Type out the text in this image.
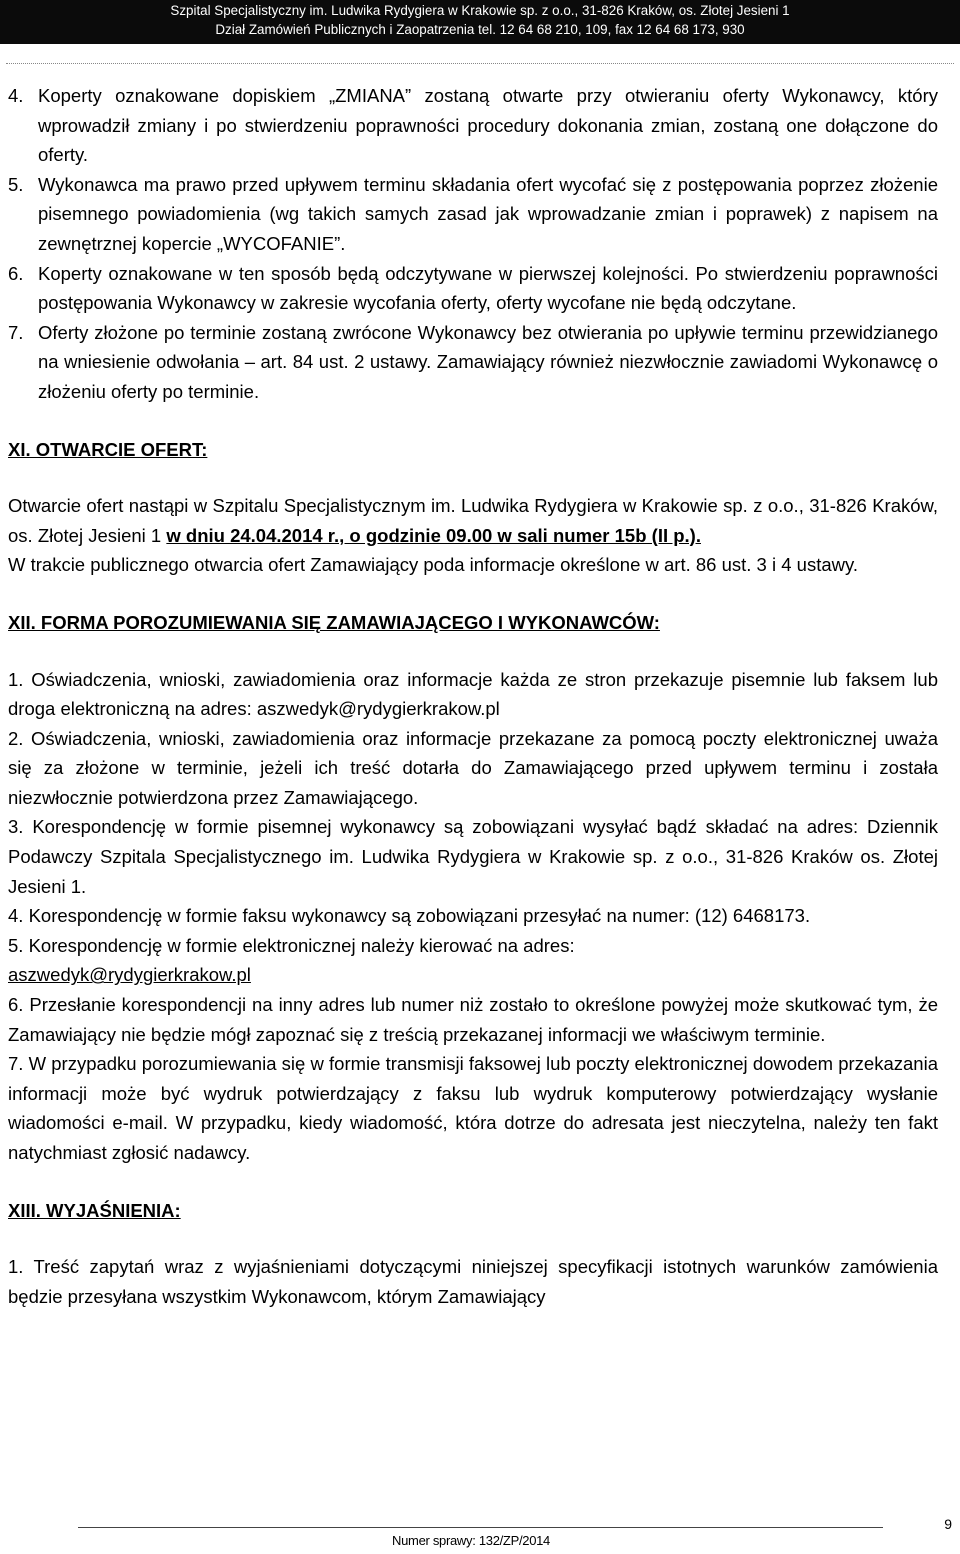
Szpital Specjalistyczny im. Ludwika Rydygiera w Krakowie sp. z o.o., 31-826 Kraków, os. Złotej Jesieni 1
Dział Zamówień Publicznych i Zaopatrzenia tel. 12 64 68 210, 109, fax 12 64 68 173, 930
4. Koperty oznakowane dopiskiem „ZMIANA” zostaną otwarte przy otwieraniu oferty Wykonawcy, który wprowadził zmiany i po stwierdzeniu poprawności procedury dokonania zmian, zostaną one dołączone do oferty.
5. Wykonawca ma prawo przed upływem terminu składania ofert wycofać się z postępowania poprzez złożenie pisemnego powiadomienia (wg takich samych zasad jak wprowadzanie zmian i poprawek) z napisem na zewnętrznej kopercie „WYCOFANIE”.
6. Koperty oznakowane w ten sposób będą odczytywane w pierwszej kolejności. Po stwierdzeniu poprawności postępowania Wykonawcy w zakresie wycofania oferty, oferty wycofane nie będą odczytane.
7. Oferty złożone po terminie zostaną zwrócone Wykonawcy bez otwierania po upływie terminu przewidzianego na wniesienie odwołania – art. 84 ust. 2 ustawy. Zamawiający również niezwłocznie zawiadomi Wykonawcę o złożeniu oferty po terminie.

XI. OTWARCIE OFERT:

Otwarcie ofert nastąpi w Szpitalu Specjalistycznym im. Ludwika Rydygiera w Krakowie sp. z o.o., 31-826 Kraków, os. Złotej Jesieni 1 w dniu 24.04.2014 r., o godzinie 09.00 w sali numer 15b (II p.).

W trakcie publicznego otwarcia ofert Zamawiający poda informacje określone w art. 86 ust. 3 i 4 ustawy.

XII. FORMA POROZUMIEWANIA SIĘ ZAMAWIAJĄCEGO I WYKONAWCÓW:

1. Oświadczenia, wnioski, zawiadomienia oraz informacje każda ze stron przekazuje pisemnie lub faksem lub droga elektroniczną na adres: aszwedyk@rydygierkrakow.pl

2. Oświadczenia, wnioski, zawiadomienia oraz informacje przekazane za pomocą poczty elektronicznej uważa się za złożone w terminie, jeżeli ich treść dotarła do Zamawiającego przed upływem terminu i została niezwłocznie potwierdzona przez Zamawiającego.

3. Korespondencję w formie pisemnej wykonawcy są zobowiązani wysyłać bądź składać na adres: Dziennik Podawczy Szpitala Specjalistycznego im. Ludwika Rydygiera w Krakowie sp. z o.o., 31-826 Kraków os. Złotej Jesieni 1.

4. Korespondencję w formie faksu wykonawcy są zobowiązani przesyłać na numer: (12) 6468173.

5. Korespondencję w formie elektronicznej należy kierować na adres:

aszwedyk@rydygierkrakow.pl

6. Przesłanie korespondencji na inny adres lub numer niż zostało to określone powyżej może skutkować tym, że Zamawiający nie będzie mógł zapoznać się z treścią przekazanej informacji we właściwym terminie.

7. W przypadku porozumiewania się w formie transmisji faksowej lub poczty elektronicznej dowodem przekazania informacji może być wydruk potwierdzający z faksu lub wydruk komputerowy potwierdzający wysłanie wiadomości e-mail. W przypadku, kiedy wiadomość, która dotrze do adresata jest nieczytelna, należy ten fakt natychmiast zgłosić nadawcy.

XIII. WYJAŚNIENIA:

1. Treść zapytań wraz z wyjaśnieniami dotyczącymi niniejszej specyfikacji istotnych warunków zamówienia będzie przesyłana wszystkim Wykonawcom, którym Zamawiający

Numer sprawy: 132/ZP/2014
9
